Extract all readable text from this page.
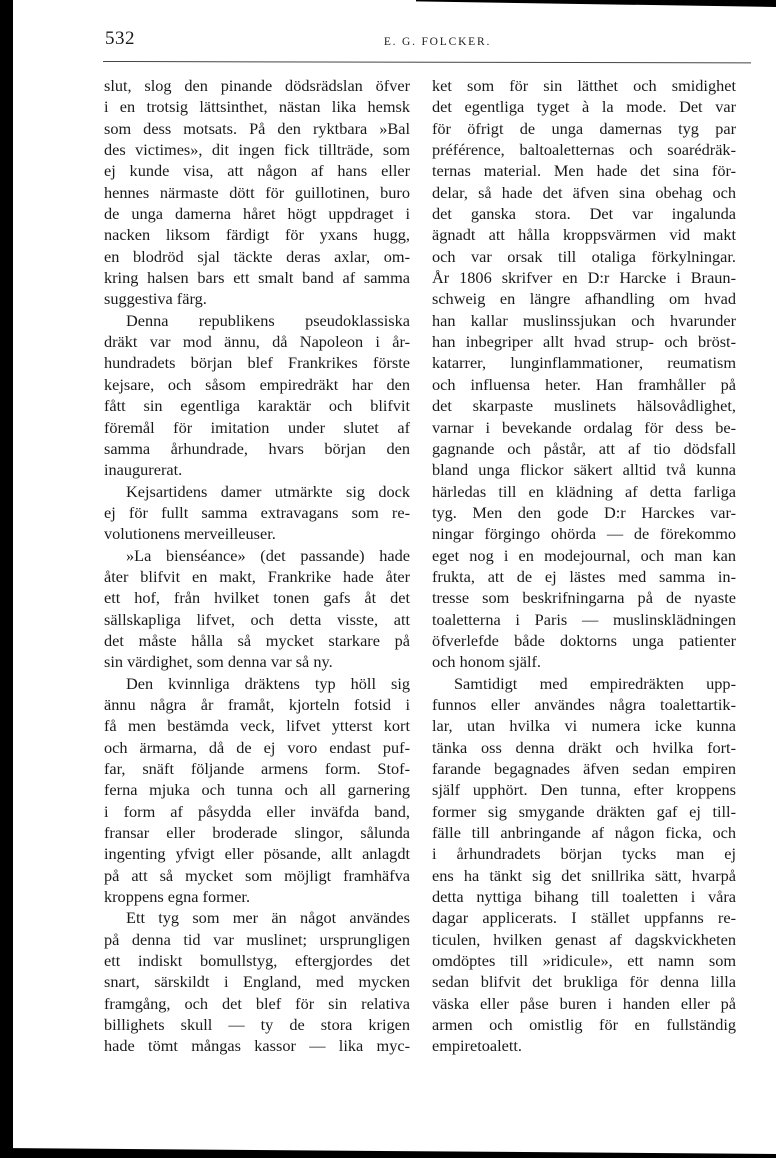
532	E. G. FOLCKER.
slut, slog den pinande dödsrädslan öfver
i en trotsig lättsinthet, nästan lika hemsk
som dess motsats. På den ryktbara »Bal
des victimes», dit ingen fick tillträde, som
ej kunde visa, att någon af hans eller
hennes närmaste dött för guillotinen, buro
de unga damerna håret högt uppdraget i
nacken liksom färdigt för yxans hugg,
en blodröd sjal täckte deras axlar, om-
kring halsen bars ett smalt band af samma
suggestiva färg.
Denna republikens pseudoklassiska
dräkt var mod ännu, då Napoleon i år-
hundradets början blef Frankrikes förste
kejsare, och såsom empiredräkt har den
fått sin egentliga karaktär och blifvit
föremål för imitation under slutet af
samma århundrade, hvars början den
inaugurerat.
Kejsartidens damer utmärkte sig dock
ej för fullt samma extravagans som re-
volutionens merveilleuser.
»La bienséance» (det passande) hade
åter blifvit en makt, Frankrike hade åter
ett hof, från hvilket tonen gafs åt det
sällskapliga lifvet, och detta visste, att
det måste hålla så mycket starkare på
sin värdighet, som denna var så ny.
Den kvinnliga dräktens typ höll sig
ännu några år framåt, kjorteln fotsid i
få men bestämda veck, lifvet ytterst kort
och ärmarna, då de ej voro endast puf-
far, snäft följande armens form. Stof-
ferna mjuka och tunna och all garnering
i form af påsydda eller inväfda band,
fransar eller broderade slingor, sålunda
ingenting yfvigt eller pösande, allt anlagdt
på att så mycket som möjligt framhäfva
kroppens egna former.
Ett tyg som mer än något användes
på denna tid var muslinet; ursprungligen
ett indiskt bomullstyg, eftergjordes det
snart, särskildt i England, med mycken
framgång, och det blef för sin relativa
billighets skull — ty de stora krigen
hade tömt mångas kassor — lika myc-
ket som för sin lätthet och smidighet
det egentliga tyget à la mode. Det var
för öfrigt de unga damernas tyg par
préférence, baltoaletternas och soarédräk-
ternas material. Men hade det sina för-
delar, så hade det äfven sina obehag och
det ganska stora. Det var ingalunda
ägnadt att hålla kroppsvärmen vid makt
och var orsak till otaliga förkylningar.
År 1806 skrifver en D:r Harcke i Braun-
schweig en längre afhandling om hvad
han kallar muslinssjukan och hvarunder
han inbegriper allt hvad strup- och bröst-
katarrer, lunginflammationer, reumatism
och influensa heter. Han framhåller på
det skarpaste muslinets hälsovådlighet,
varnar i bevekande ordalag för dess be-
gagnande och påstår, att af tio dödsfall
bland unga flickor säkert alltid två kunna
härledas till en klädning af detta farliga
tyg. Men den gode D:r Harckes var-
ningar förgingo ohörda — de förekommo
eget nog i en modejournal, och man kan
frukta, att de ej lästes med samma in-
tresse som beskrifningarna på de nyaste
toaletterna i Paris — muslinsklädningen
öfverlefde både doktorns unga patienter
och honom själf.
Samtidigt med empiredräkten upp-
funnos eller användes några toalettartik-
lar, utan hvilka vi numera icke kunna
tänka oss denna dräkt och hvilka fort-
farande begagnades äfven sedan empiren
själf upphört. Den tunna, efter kroppens
former sig smygande dräkten gaf ej till-
fälle till anbringande af någon ficka, och
i århundradets början tycks man ej
ens ha tänkt sig det snillrika sätt, hvarpå
detta nyttiga bihang till toaletten i våra
dagar applicerats. I stället uppfanns re-
ticulen, hvilken genast af dagskvickheten
omdöptes till »ridicule», ett namn som
sedan blifvit det brukliga för denna lilla
väska eller påse buren i handen eller på
armen och omistlig för en fullständig
empiretoalett.
